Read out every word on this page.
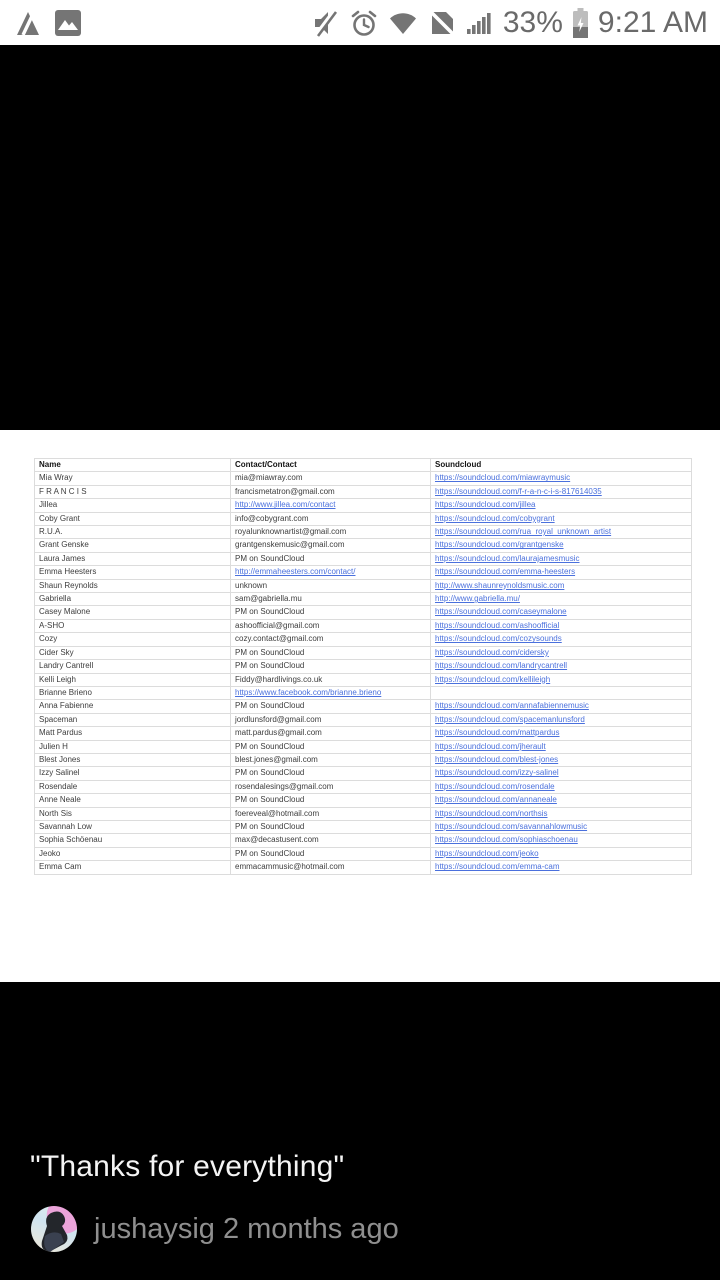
33% 9:21 AM
Name	Contact/Contact	Soundcloud
Mia Wray	mia@miawray.com	https://soundcloud.com/miawraymusic
F R A N C I S	francismetatron@gmail.com	https://soundcloud.com/f-r-a-n-c-i-s-817614035
Jillea	http://www.jillea.com/contact	https://soundcloud.com/jillea
Coby Grant	info@cobygrant.com	https://soundcloud.com/cobygrant
R.U.A.	royalunknownartist@gmail.com	https://soundcloud.com/rua_royal_unknown_artist
Grant Genske	grantgenskemusic@gmail.com	https://soundcloud.com/grantgenske
Laura James	PM on SoundCloud	https://soundcloud.com/laurajamesmusic
Emma Heesters	http://emmaheesters.com/contact/	https://soundcloud.com/emma-heesters
Shaun Reynolds	unknown	http://www.shaunreynoldsmusic.com
Gabriella	sam@gabriella.mu	http://www.gabriella.mu/
Casey Malone	PM on SoundCloud	https://soundcloud.com/caseymalone
A-SHO	ashoofficial@gmail.com	https://soundcloud.com/ashoofficial
Cozy	cozy.contact@gmail.com	https://soundcloud.com/cozysounds
Cider Sky	PM on SoundCloud	https://soundcloud.com/cidersky
Landry Cantrell	PM on SoundCloud	https://soundcloud.com/landrycantrell
Kelli Leigh	Fiddy@hardlivings.co.uk	https://soundcloud.com/kellileigh
Brianne Brieno	https://www.facebook.com/brianne.brieno	
Anna Fabienne	PM on SoundCloud	https://soundcloud.com/annafabiennemusic
Spaceman	jordlunsford@gmail.com	https://soundcloud.com/spacemanlunsford
Matt Pardus	matt.pardus@gmail.com	https://soundcloud.com/mattpardus
Julien H	PM on SoundCloud	https://soundcloud.com/jherault
Blest Jones	blest.jones@gmail.com	https://soundcloud.com/blest-jones
Izzy Salinel	PM on SoundCloud	https://soundcloud.com/izzy-salinel
Rosendale	rosendalesings@gmail.com	https://soundcloud.com/rosendale
Anne Neale	PM on SoundCloud	https://soundcloud.com/annaneale
North Sis	foereveal@hotmail.com	https://soundcloud.com/northsis
Savannah Low	PM on SoundCloud	https://soundcloud.com/savannahlowmusic
Sophia Schöenau	max@decastusent.com	https://soundcloud.com/sophiaschoenau
Jeoko	PM on SoundCloud	https://soundcloud.com/jeoko
Emma Cam	emmacammusic@hotmail.com	https://soundcloud.com/emma-cam
"Thanks for everything"
jushaysig 2 months ago
